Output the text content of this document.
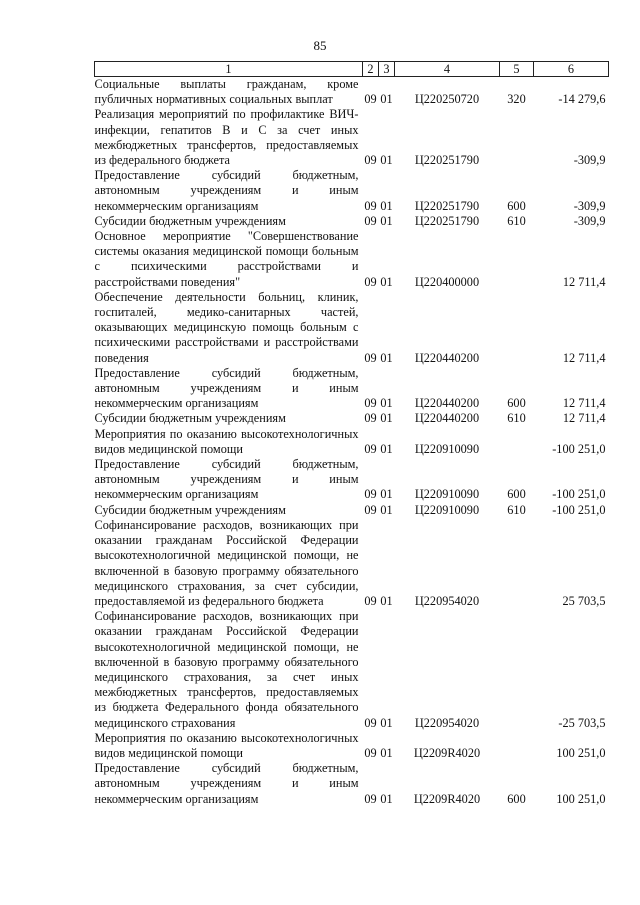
85
1	2	3	4	5	6
Социальные выплаты гражданам, кроме публичных нормативных социальных выплат	09	01	Ц220250720	320	-14 279,6
Реализация мероприятий по профилактике ВИЧ-инфекции, гепатитов B и C за счет иных межбюджетных трансфертов, предоставляемых из федерального бюджета	09	01	Ц220251790		-309,9
Предоставление субсидий бюджетным, автономным учреждениям и иным некоммерческим организациям	09	01	Ц220251790	600	-309,9
Субсидии бюджетным учреждениям	09	01	Ц220251790	610	-309,9
Основное мероприятие "Совершенствование системы оказания медицинской помощи больным с психическими расстройствами и расстройствами поведения"	09	01	Ц220400000		12 711,4
Обеспечение деятельности больниц, клиник, госпиталей, медико-санитарных частей, оказывающих медицинскую помощь больным с психическими расстройствами и расстройствами поведения	09	01	Ц220440200		12 711,4
Предоставление субсидий бюджетным, автономным учреждениям и иным некоммерческим организациям	09	01	Ц220440200	600	12 711,4
Субсидии бюджетным учреждениям	09	01	Ц220440200	610	12 711,4
Мероприятия по оказанию высокотехнологичных видов медицинской помощи	09	01	Ц220910090		-100 251,0
Предоставление субсидий бюджетным, автономным учреждениям и иным некоммерческим организациям	09	01	Ц220910090	600	-100 251,0
Субсидии бюджетным учреждениям	09	01	Ц220910090	610	-100 251,0
Софинансирование расходов, возникающих при оказании гражданам Российской Федерации высокотехнологичной медицинской помощи, не включенной в базовую программу обязательного медицинского страхования, за счет субсидии, предоставляемой из федерального бюджета	09	01	Ц220954020		25 703,5
Софинансирование расходов, возникающих при оказании гражданам Российской Федерации высокотехнологичной медицинской помощи, не включенной в базовую программу обязательного медицинского страхования, за счет иных межбюджетных трансфертов, предоставляемых из бюджета Федерального фонда обязательного медицинского страхования	09	01	Ц220954020		-25 703,5
Мероприятия по оказанию высокотехнологичных видов медицинской помощи	09	01	Ц2209R4020		100 251,0
Предоставление субсидий бюджетным, автономным учреждениям и иным некоммерческим организациям	09	01	Ц2209R4020	600	100 251,0
